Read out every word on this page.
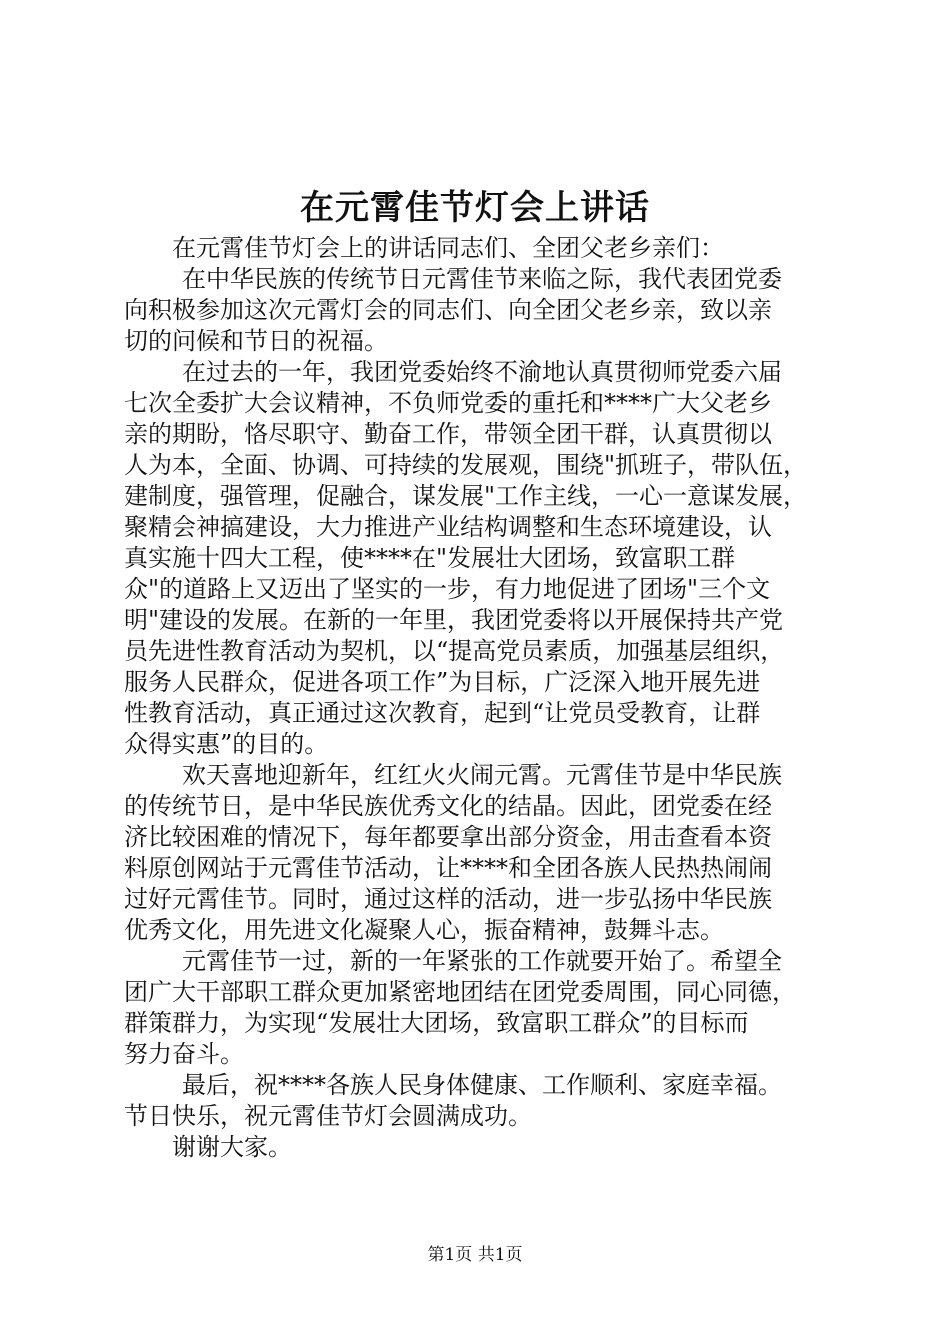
在元霄佳节灯会上讲话
在元霄佳节灯会上的讲话同志们、全团父老乡亲们：
在中华民族的传统节日元霄佳节来临之际，我代表团党委
向积极参加这次元霄灯会的同志们、向全团父老乡亲，致以亲
切的问候和节日的祝福。
在过去的一年，我团党委始终不渝地认真贯彻师党委六届
七次全委扩大会议精神，不负师党委的重托和****广大父老乡
亲的期盼，恪尽职守、勤奋工作，带领全团干群，认真贯彻以
人为本，全面、协调、可持续的发展观，围绕"抓班子，带队伍，
建制度，强管理，促融合，谋发展"工作主线，一心一意谋发展，
聚精会神搞建设，大力推进产业结构调整和生态环境建设，认
真实施十四大工程，使****在"发展壮大团场，致富职工群
众"的道路上又迈出了坚实的一步，有力地促进了团场"三个文
明"建设的发展。在新的一年里，我团党委将以开展保持共产党
员先进性教育活动为契机，以“提高党员素质，加强基层组织，
服务人民群众，促进各项工作”为目标，广泛深入地开展先进
性教育活动，真正通过这次教育，起到“让党员受教育，让群
众得实惠”的目的。
欢天喜地迎新年，红红火火闹元霄。元霄佳节是中华民族
的传统节日，是中华民族优秀文化的结晶。因此，团党委在经
济比较困难的情况下，每年都要拿出部分资金，用击查看本资
料原创网站于元霄佳节活动，让****和全团各族人民热热闹闹
过好元霄佳节。同时，通过这样的活动，进一步弘扬中华民族
优秀文化，用先进文化凝聚人心，振奋精神，鼓舞斗志。
元霄佳节一过，新的一年紧张的工作就要开始了。希望全
团广大干部职工群众更加紧密地团结在团党委周围，同心同德，
群策群力，为实现“发展壮大团场，致富职工群众”的目标而
努力奋斗。
最后，祝****各族人民身体健康、工作顺利、家庭幸福。
节日快乐，祝元霄佳节灯会圆满成功。
谢谢大家。
第1页 共1页
